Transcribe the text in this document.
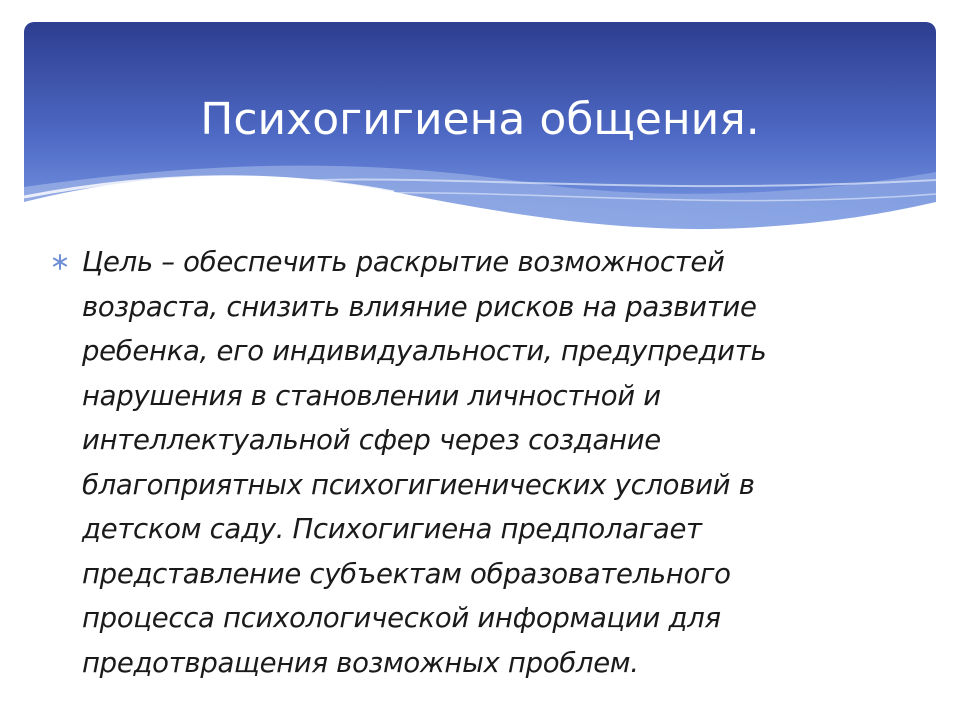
Психогигиена общения.

Цель – обеспечить раскрытие возможностей
возраста, снизить влияние рисков на развитие
ребенка, его индивидуальности, предупредить
нарушения в становлении личностной и
интеллектуальной сфер через создание
благоприятных психогигиенических условий в
детском саду. Психогигиена предполагает
представление субъектам образовательного
процесса психологической информации для
предотвращения возможных проблем.
